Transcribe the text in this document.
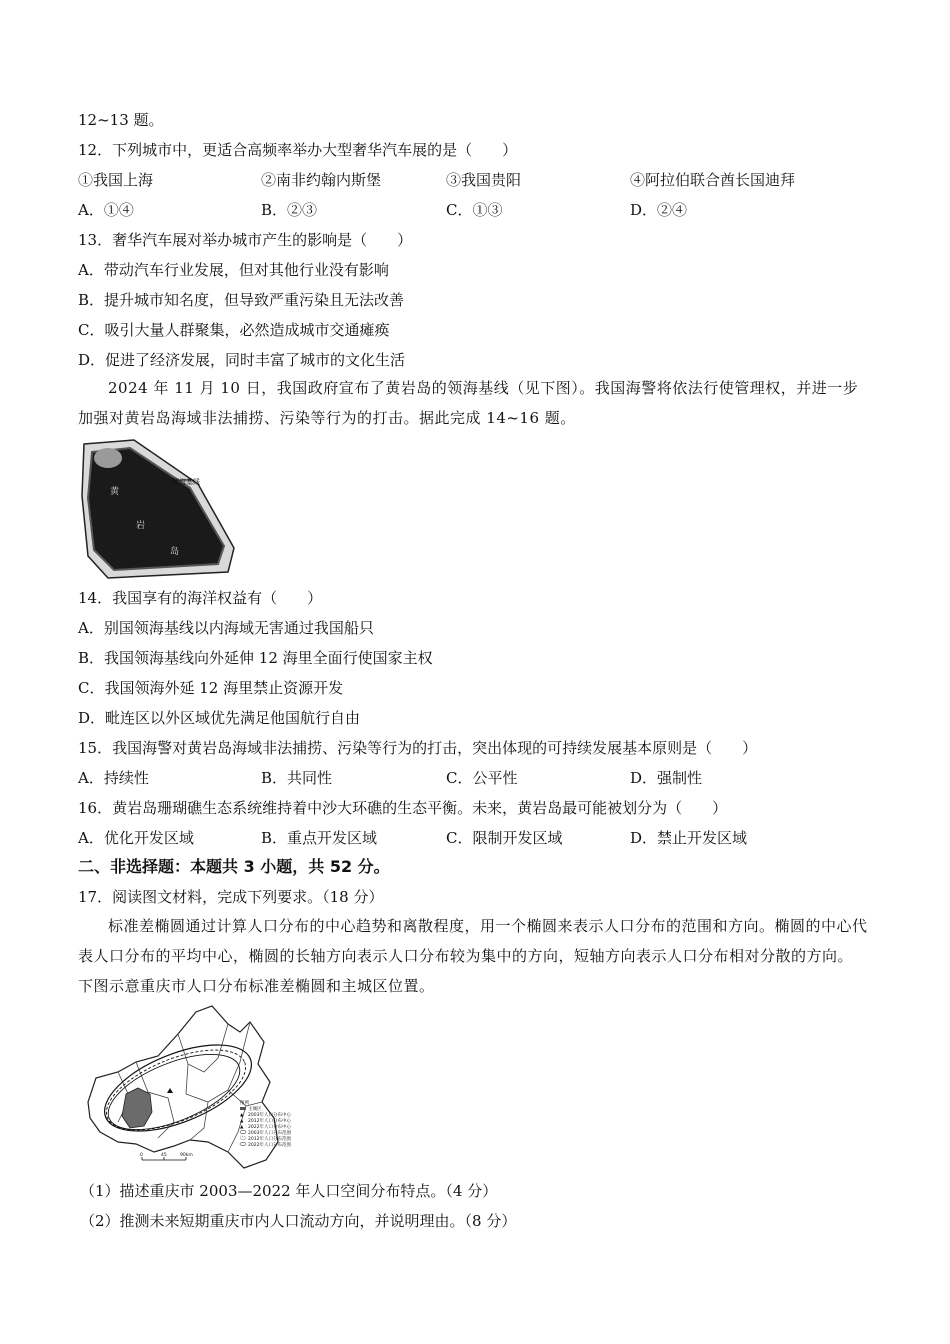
12~13 题。
12．下列城市中，更适合高频率举办大型奢华汽车展的是（　　）
①我国上海	②南非约翰内斯堡	③我国贵阳	④阿拉伯联合酋长国迪拜
A．①④	B．②③	C．①③	D．②④
13．奢华汽车展对举办城市产生的影响是（　　）
A．带动汽车行业发展，但对其他行业没有影响
B．提升城市知名度，但导致严重污染且无法改善
C．吸引大量人群聚集，必然造成城市交通瘫痪
D．促进了经济发展，同时丰富了城市的文化生活
2024 年 11 月 10 日，我国政府宣布了黄岩岛的领海基线（见下图）。我国海警将依法行使管理权，并进一步加强对黄岩岛海域非法捕捞、污染等行为的打击。据此完成 14~16 题。
领海基线
黄
岩
岛
14．我国享有的海洋权益有（　　）
A．别国领海基线以内海域无害通过我国船只
B．我国领海基线向外延伸 12 海里全面行使国家主权
C．我国领海外延 12 海里禁止资源开发
D．毗连区以外区域优先满足他国航行自由
15．我国海警对黄岩岛海域非法捕捞、污染等行为的打击，突出体现的可持续发展基本原则是（　　）
A．持续性	B．共同性	C．公平性	D．强制性
16．黄岩岛珊瑚礁生态系统维持着中沙大环礁的生态平衡。未来，黄岩岛最可能被划分为（　　）
A．优化开发区域	B．重点开发区域	C．限制开发区域	D．禁止开发区域
二、非选择题：本题共 3 小题，共 52 分。
17．阅读图文材料，完成下列要求。（18 分）
标准差椭圆通过计算人口分布的中心趋势和离散程度，用一个椭圆来表示人口分布的范围和方向。椭圆的中心代表人口分布的平均中心，椭圆的长轴方向表示人口分布较为集中的方向，短轴方向表示人口分布相对分散的方向。下图示意重庆市人口分布标准差椭圆和主城区位置。
图例
主城区
▲ 2003年人口分布中心
▲ 2012年人口分布中心
▲ 2022年人口分布中心
2003年人口分布范围
2012年人口分布范围
2022年人口分布范围
0	45	90km
（1）描述重庆市 2003—2022 年人口空间分布特点。（4 分）
（2）推测未来短期重庆市内人口流动方向，并说明理由。（8 分）
